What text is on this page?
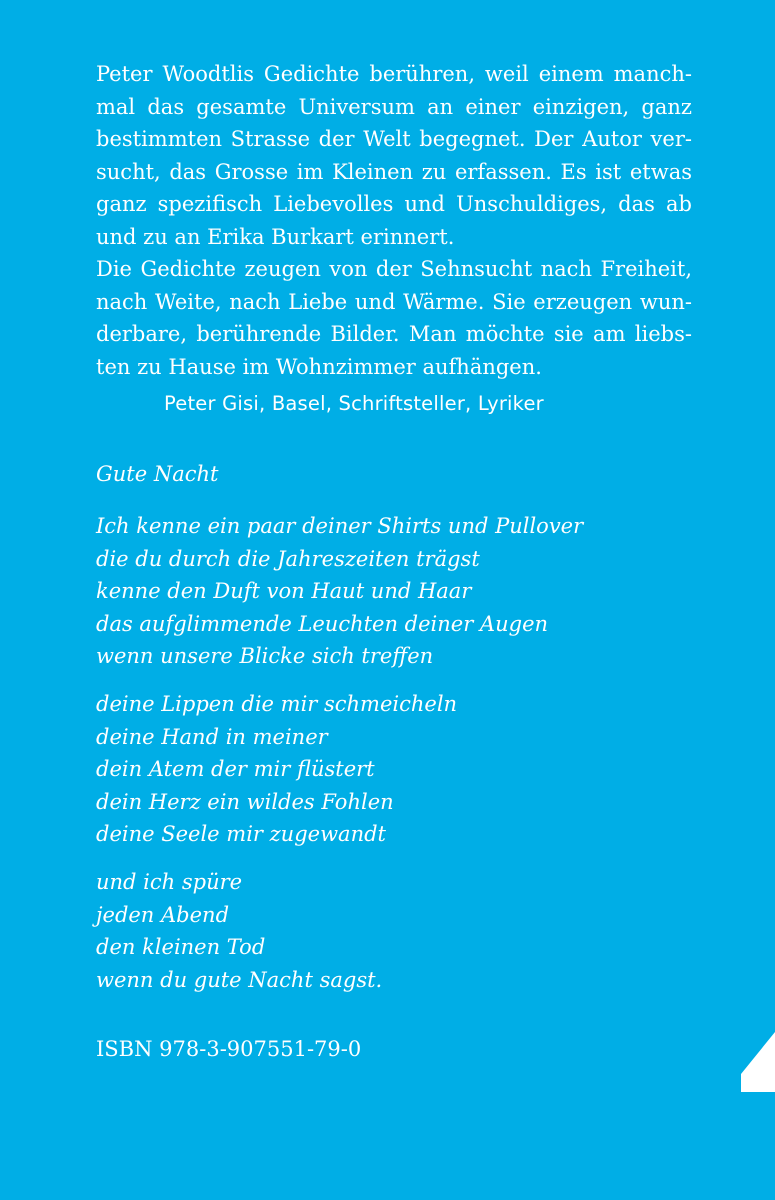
Peter Woodtlis Gedichte berühren, weil einem manchmal das gesamte Universum an einer einzigen, ganz bestimmten Strasse der Welt begegnet. Der Autor versucht, das Grosse im Kleinen zu erfassen. Es ist etwas ganz spezifisch Liebevolles und Unschuldiges, das ab und zu an Erika Burkart erinnert.

Die Gedichte zeugen von der Sehnsucht nach Freiheit, nach Weite, nach Liebe und Wärme. Sie erzeugen wunderbare, berührende Bilder. Man möchte sie am liebsten zu Hause im Wohnzimmer aufhängen.

Peter Gisi, Basel, Schriftsteller, Lyriker
Gute Nacht
Ich kenne ein paar deiner Shirts und Pullover
die du durch die Jahreszeiten trägst
kenne den Duft von Haut und Haar
das aufglimmende Leuchten deiner Augen
wenn unsere Blicke sich treffen
deine Lippen die mir schmeicheln
deine Hand in meiner
dein Atem der mir flüstert
dein Herz ein wildes Fohlen
deine Seele mir zugewandt
und ich spüre
jeden Abend
den kleinen Tod
wenn du gute Nacht sagst.
ISBN 978-3-907551-79-0
